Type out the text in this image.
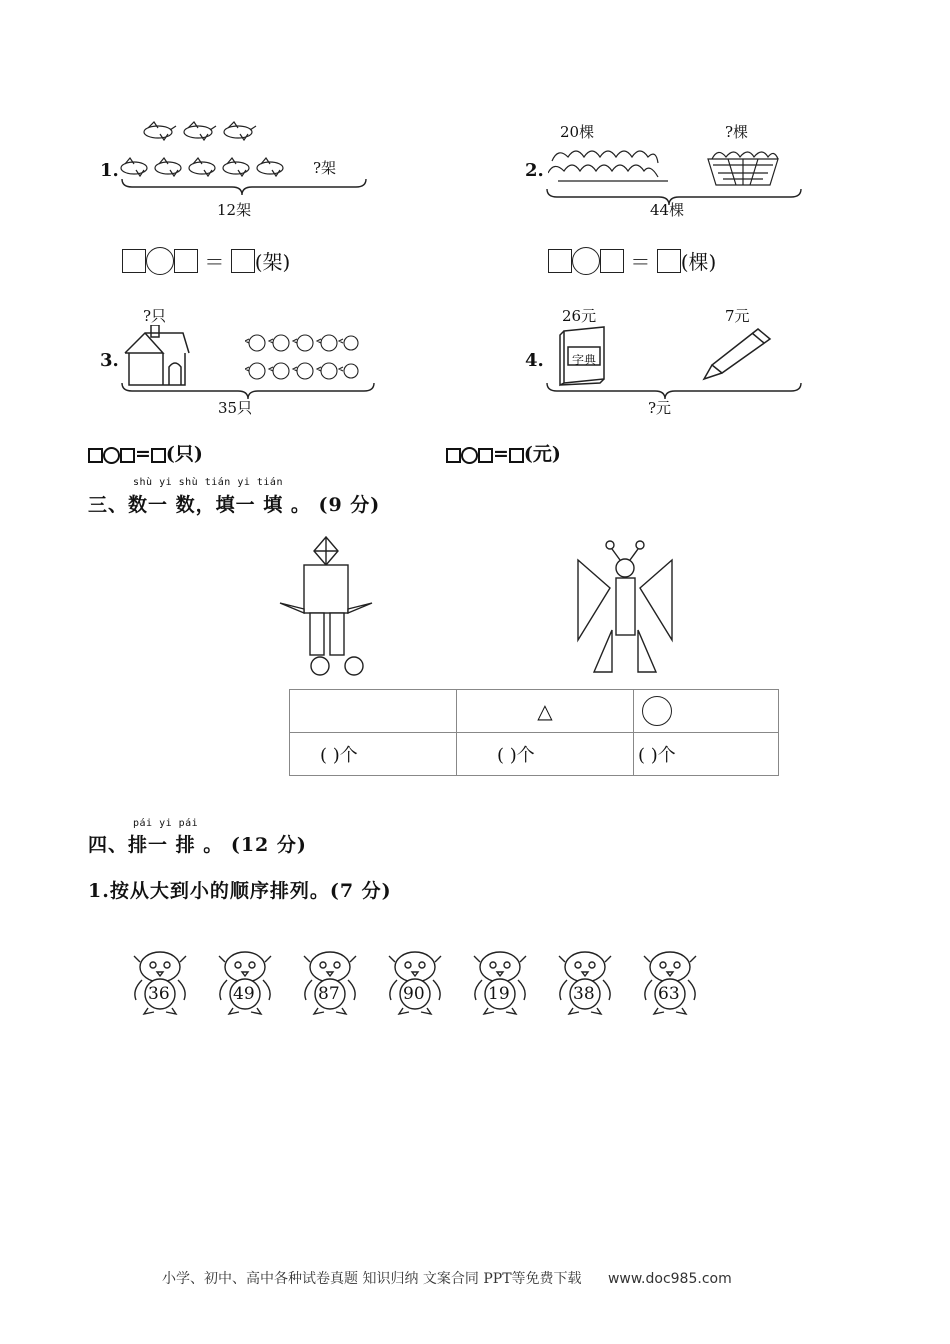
1.	?架
12架
＝ (架)
20棵	?棵
2.
44棵
＝ (棵)
?只
3.
35只
26元	7元
字典
4.
?元
= (只)	= (元)
shù yi shù tián yi tián
三、数一 数，填一 填 。 (9 分)
	△	
( )个	( )个	( )个
pái yi pái
四、排一 排 。 (12 分)
1.按从大到小的顺序排列。(7 分)
36	49	87	90	19	38	63
小学、初中、高中各种试卷真题 知识归纳 文案合同 PPT等免费下载 www.doc985.com
